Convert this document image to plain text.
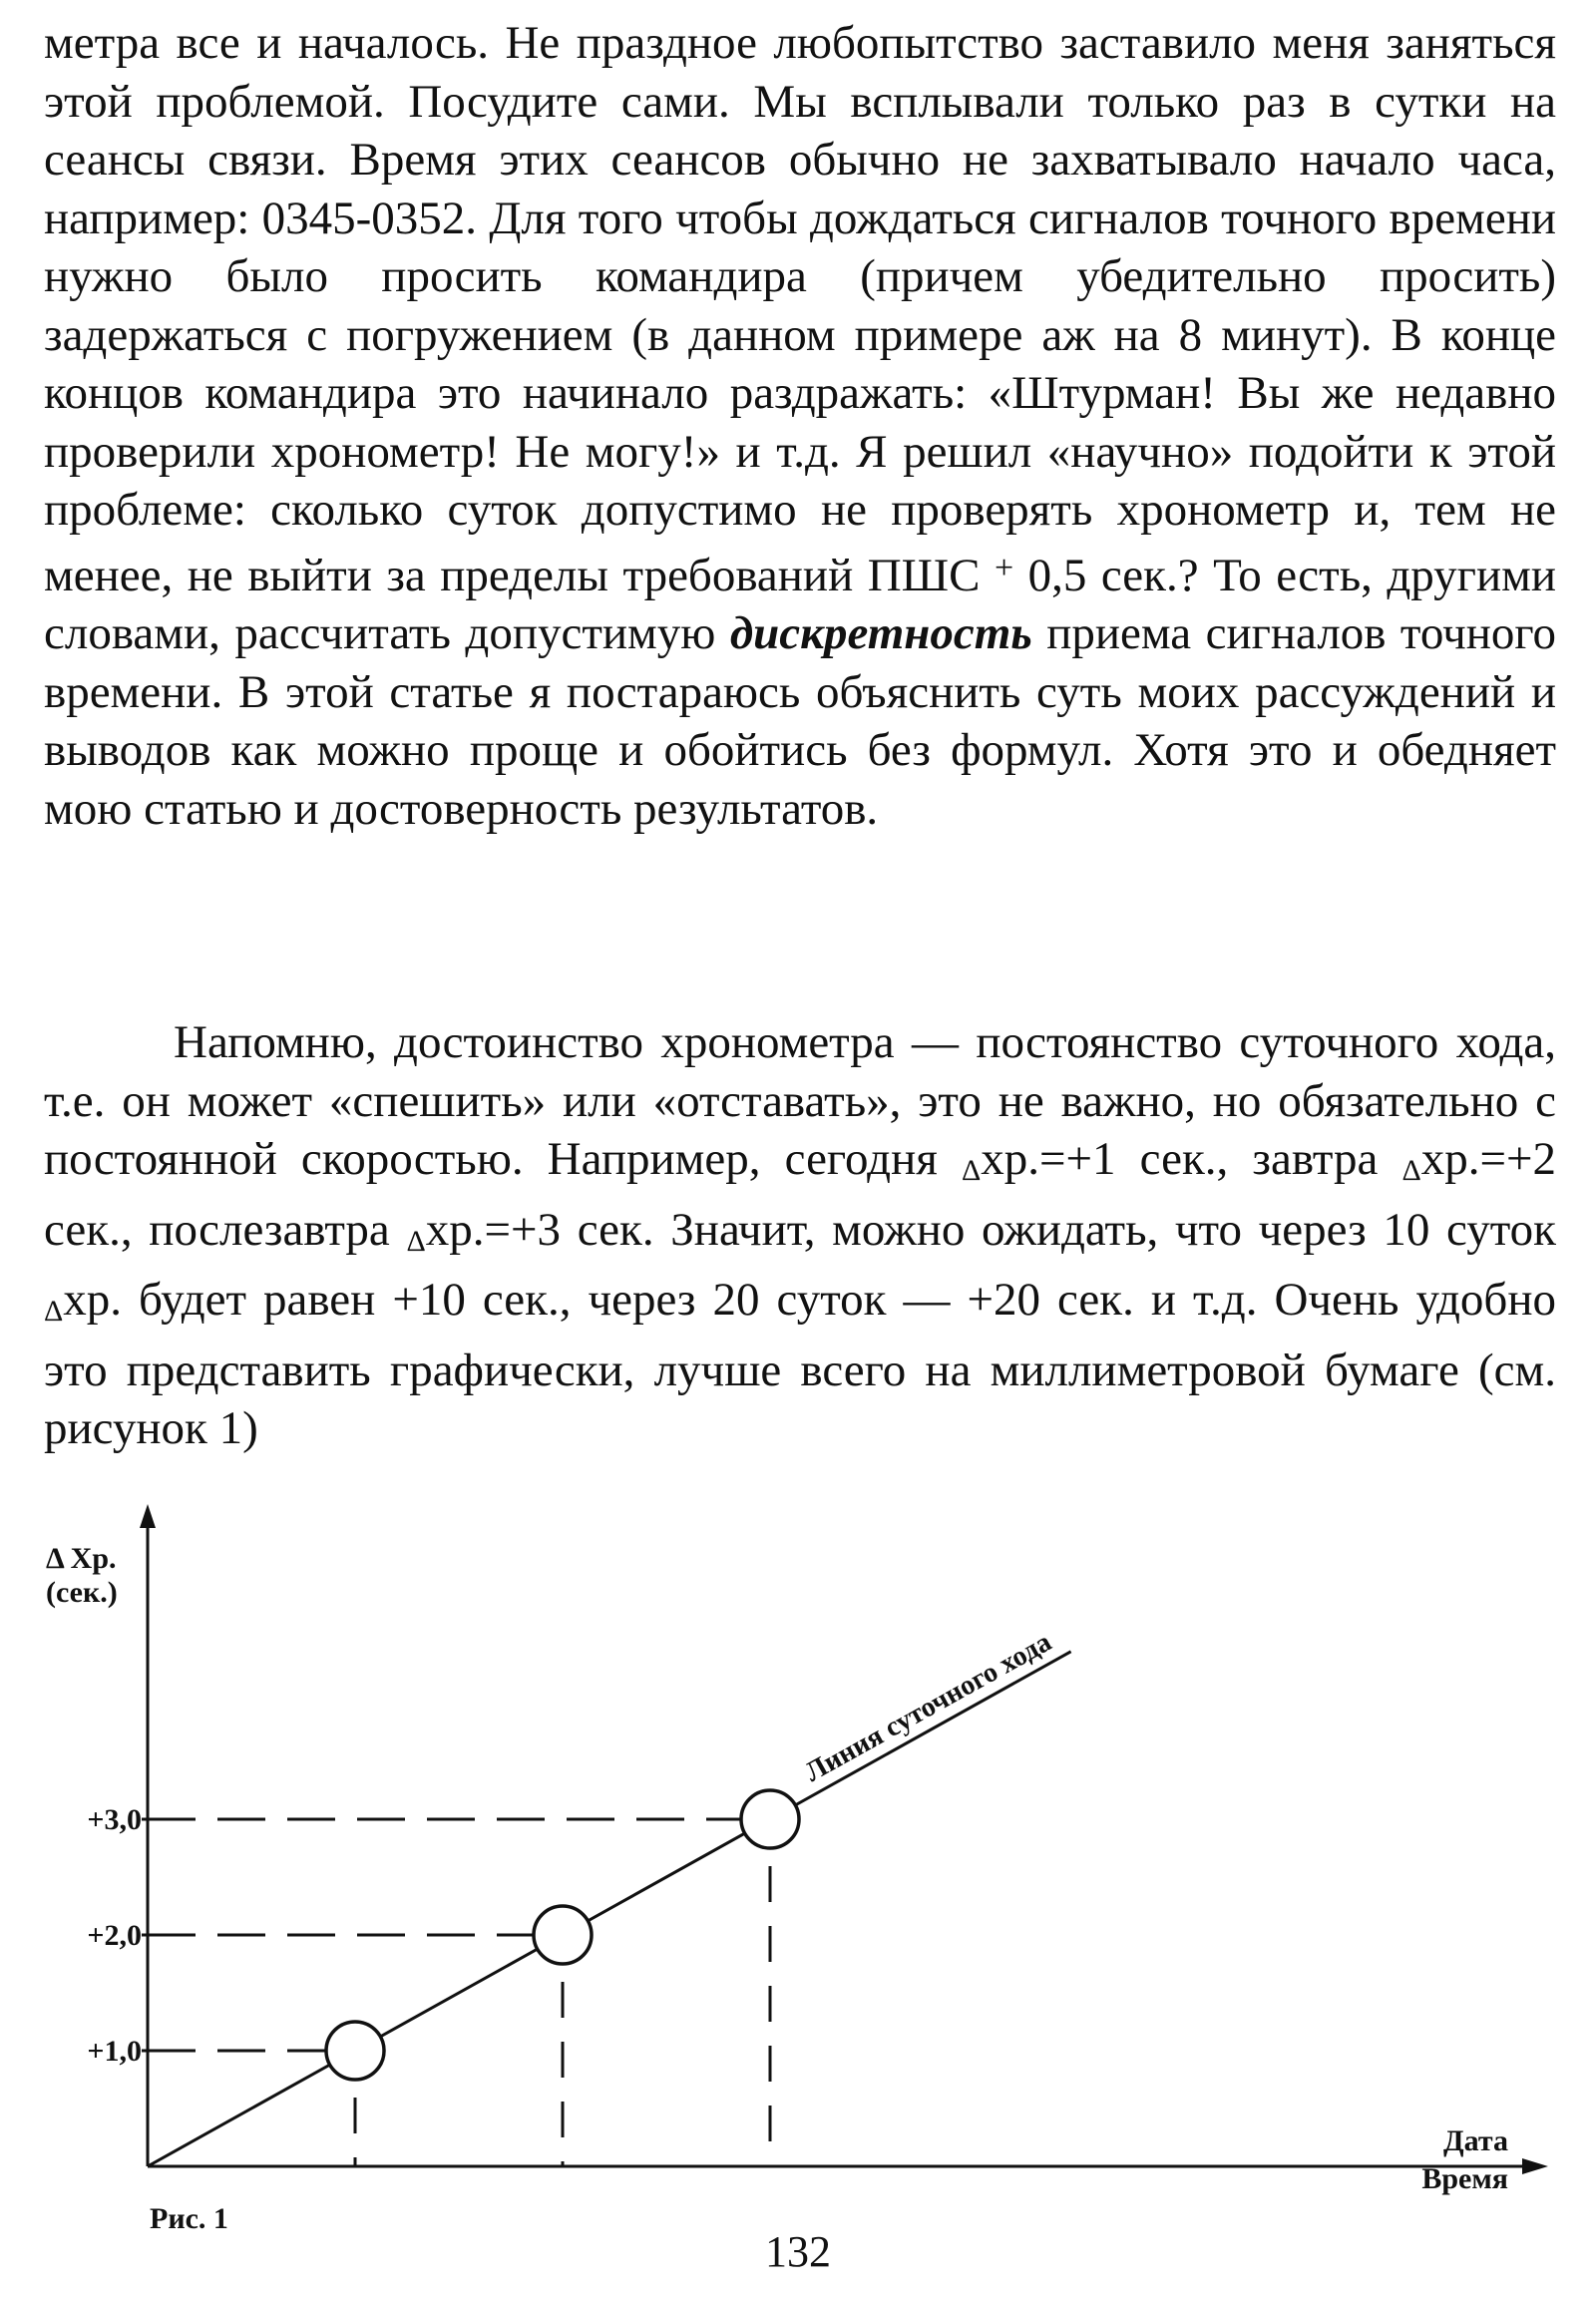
метра все и началось. Не праздное любопытство заставило меня заняться этой проблемой. Посудите сами. Мы всплывали только раз в сутки на сеансы связи. Время этих сеансов обычно не захватывало начало часа, например: 0345-0352. Для того чтобы дождаться сигналов точного времени нужно было просить командира (причем убедительно просить) задержаться с погружением (в данном примере аж на 8 минут). В конце концов командира это начинало раздражать: «Штурман! Вы же недавно проверили хронометр! Не могу!» и т.д. Я решил «научно» подойти к этой проблеме: сколько суток допустимо не проверять хронометр и, тем не менее, не выйти за пределы требований ПШС + 0,5 сек.? То есть, другими словами, рассчитать допустимую дискретность приема сигналов точного времени. В этой статье я постараюсь объяснить суть моих рассуждений и выводов как можно проще и обойтись без формул. Хотя это и обедняет мою статью и достоверность результатов.

Напомню, достоинство хронометра — постоянство суточного хода, т.е. он может «спешить» или «отставать», это не важно, но обязательно с постоянной скоростью. Например, сегодня Δхр.=+1 сек., завтра Δхр.=+2 сек., послезавтра Δхр.=+3 сек. Значит, можно ожидать, что через 10 суток Δхр. будет равен +10 сек., через 20 суток — +20 сек. и т.д. Очень удобно это представить графически, лучше всего на миллиметровой бумаге (см. рисунок 1)

Δ Хр.
(сек.)
Дата
Время
Рис. 1
+1,0
+2,0
+3,0
Линия суточного хода
132
